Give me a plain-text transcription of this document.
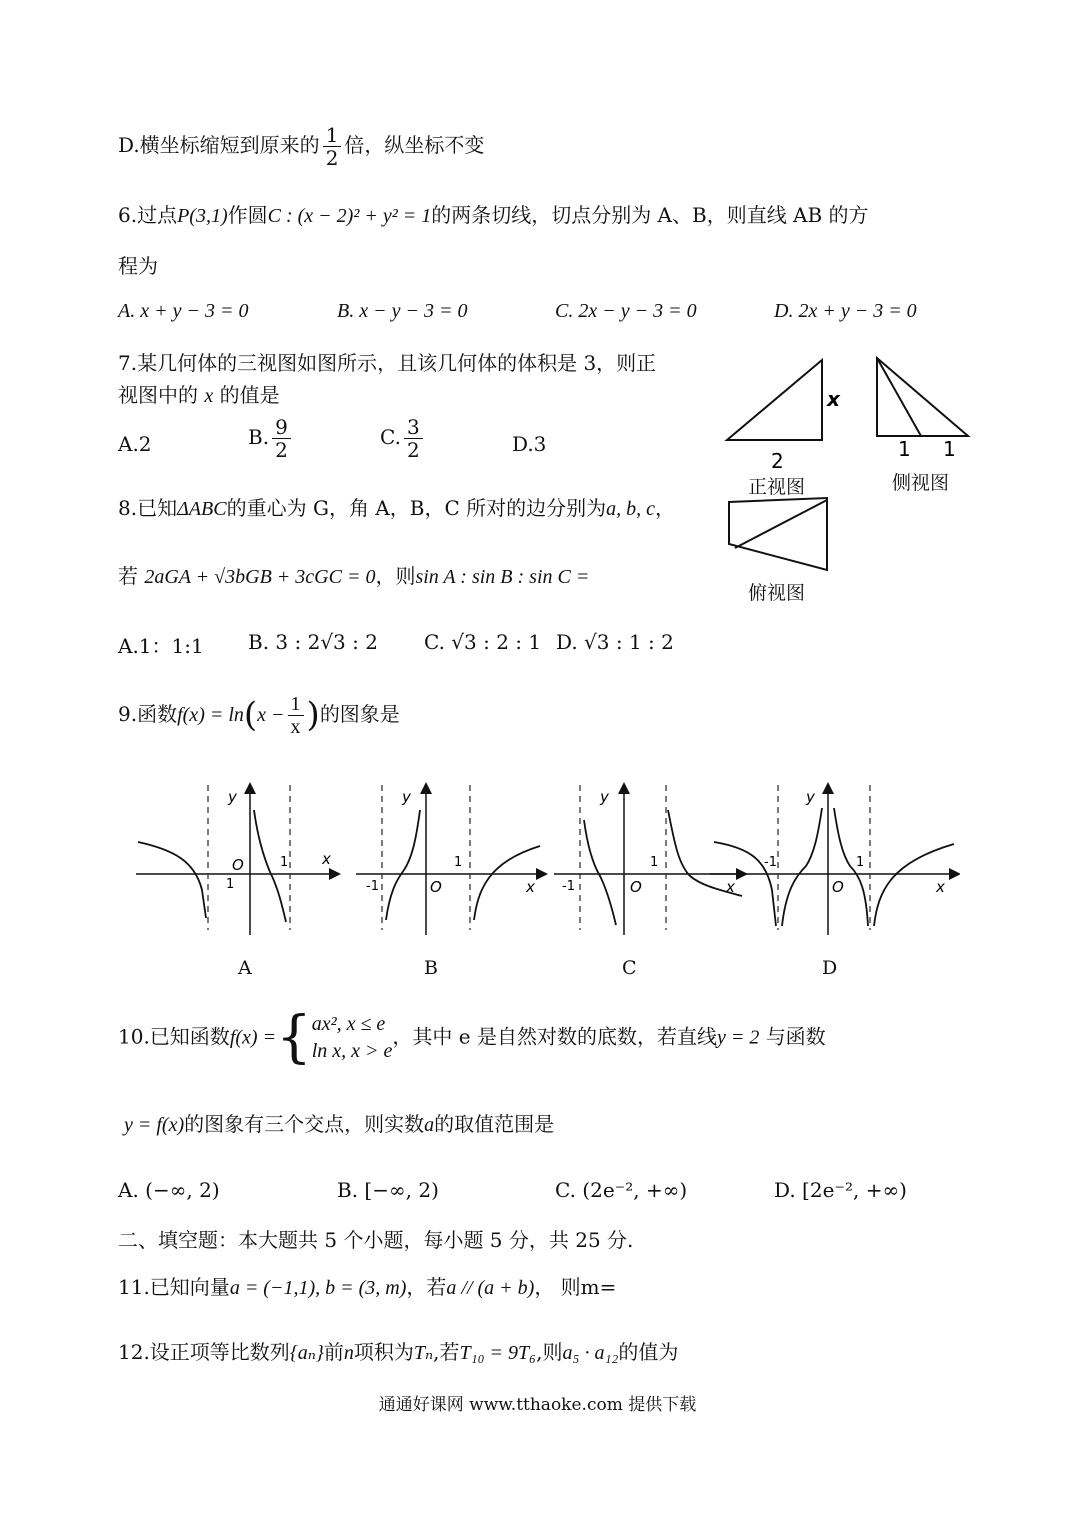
D.横坐标缩短到原来的 $\frac{1}{2}$ 倍，纵坐标不变
6.过点P(3,1)作圆C : (x − 2)² + y² = 1的两条切线，切点分别为 A、B，则直线 AB 的方
程为
A. x + y − 3 = 0	B. x − y − 3 = 0	C. 2x − y − 3 = 0	D. 2x + y − 3 = 0
7.某几何体的三视图如图所示，且该几何体的体积是 3，则正
视图中的 x 的值是
A.2	B. $\frac{9}{2}$	C. $\frac{3}{2}$	D.3
x
2	1 1
正视图	侧视图
俯视图
8.已知ΔABC的重心为 G，角 A，B，C 所对的边分别为a, b, c，
若 2aGA + √3bGB + 3cGC = 0，则sin A : sin B : sin C =
A.1：1:1 B. 3 : 2√3 : 2 C. √3 : 2 : 1 D. √3 : 1 : 2
9.函数$f(x) = \ln(x - \frac{1}{x}$ )的图象是
y
x
O	1
1
y
x
O
1
-1
y
x
O
1
-1
y
x
O
1
-1
A	B	C	D
10.已知函数f(x) ={ ax², x ≤ e
ln x, x > e
，其中 e 是自然对数的底数，若直线y = 2 与函数
y = f(x)的图象有三个交点，则实数a的取值范围是
A. (−∞, 2)	B. [−∞, 2)	C. (2e⁻², +∞)	D. [2e⁻², +∞)
二、填空题：本大题共 5 个小题，每小题 5 分，共 25 分.
11.已知向量a = (−1,1), b = (3, m)，若a // (a + b)， 则m=
12.设正项等比数列{aₙ}前n项积为Tₙ,若T₁₀ = 9T₆,则a₅ · a₁₂的值为
通通好课网 www.tthaoke.com 提供下载
